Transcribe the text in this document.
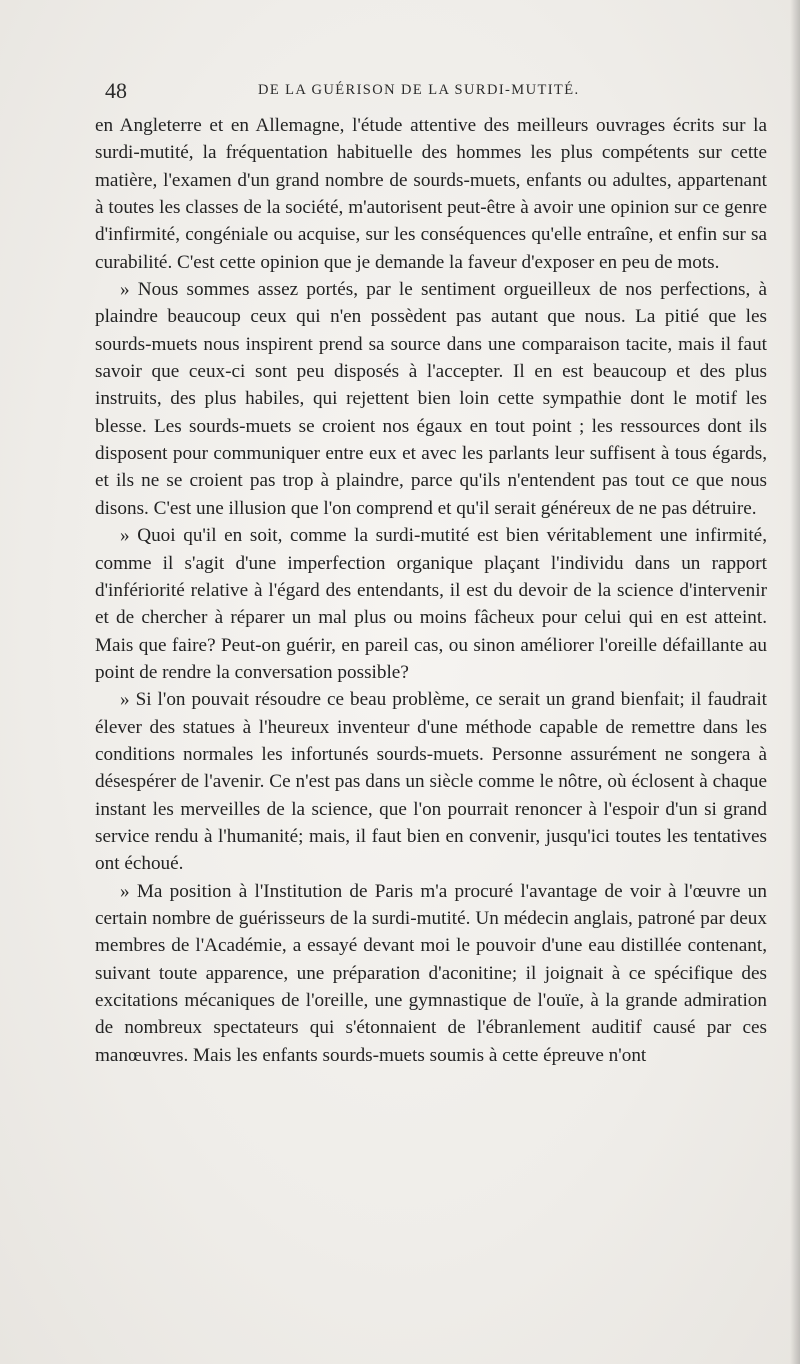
48	DE LA GUÉRISON DE LA SURDI-MUTITÉ.

en Angleterre et en Allemagne, l'étude attentive des meilleurs ouvrages écrits sur la surdi-mutité, la fréquentation habituelle des hommes les plus compétents sur cette matière, l'examen d'un grand nombre de sourds-muets, enfants ou adultes, appartenant à toutes les classes de la société, m'autorisent peut-être à avoir une opinion sur ce genre d'infirmité, congéniale ou acquise, sur les conséquences qu'elle entraîne, et enfin sur sa curabilité. C'est cette opinion que je demande la faveur d'exposer en peu de mots.

» Nous sommes assez portés, par le sentiment orgueilleux de nos perfections, à plaindre beaucoup ceux qui n'en possèdent pas autant que nous. La pitié que les sourds-muets nous inspirent prend sa source dans une comparaison tacite, mais il faut savoir que ceux-ci sont peu disposés à l'accepter. Il en est beaucoup et des plus instruits, des plus habiles, qui rejettent bien loin cette sympathie dont le motif les blesse. Les sourds-muets se croient nos égaux en tout point ; les ressources dont ils disposent pour communiquer entre eux et avec les parlants leur suffisent à tous égards, et ils ne se croient pas trop à plaindre, parce qu'ils n'entendent pas tout ce que nous disons. C'est une illusion que l'on comprend et qu'il serait généreux de ne pas détruire.

» Quoi qu'il en soit, comme la surdi-mutité est bien véritablement une infirmité, comme il s'agit d'une imperfection organique plaçant l'individu dans un rapport d'infériorité relative à l'égard des entendants, il est du devoir de la science d'intervenir et de chercher à réparer un mal plus ou moins fâcheux pour celui qui en est atteint. Mais que faire? Peut-on guérir, en pareil cas, ou sinon améliorer l'oreille défaillante au point de rendre la conversation possible?

» Si l'on pouvait résoudre ce beau problème, ce serait un grand bienfait; il faudrait élever des statues à l'heureux inventeur d'une méthode capable de remettre dans les conditions normales les infortunés sourds-muets. Personne assurément ne songera à désespérer de l'avenir. Ce n'est pas dans un siècle comme le nôtre, où éclosent à chaque instant les merveilles de la science, que l'on pourrait renoncer à l'espoir d'un si grand service rendu à l'humanité; mais, il faut bien en convenir, jusqu'ici toutes les tentatives ont échoué.

» Ma position à l'Institution de Paris m'a procuré l'avantage de voir à l'œuvre un certain nombre de guérisseurs de la surdi-mutité. Un médecin anglais, patroné par deux membres de l'Académie, a essayé devant moi le pouvoir d'une eau distillée contenant, suivant toute apparence, une préparation d'aconitine; il joignait à ce spécifique des excitations mécaniques de l'oreille, une gymnastique de l'ouïe, à la grande admiration de nombreux spectateurs qui s'étonnaient de l'ébranlement auditif causé par ces manœuvres. Mais les enfants sourds-muets soumis à cette épreuve n'ont
